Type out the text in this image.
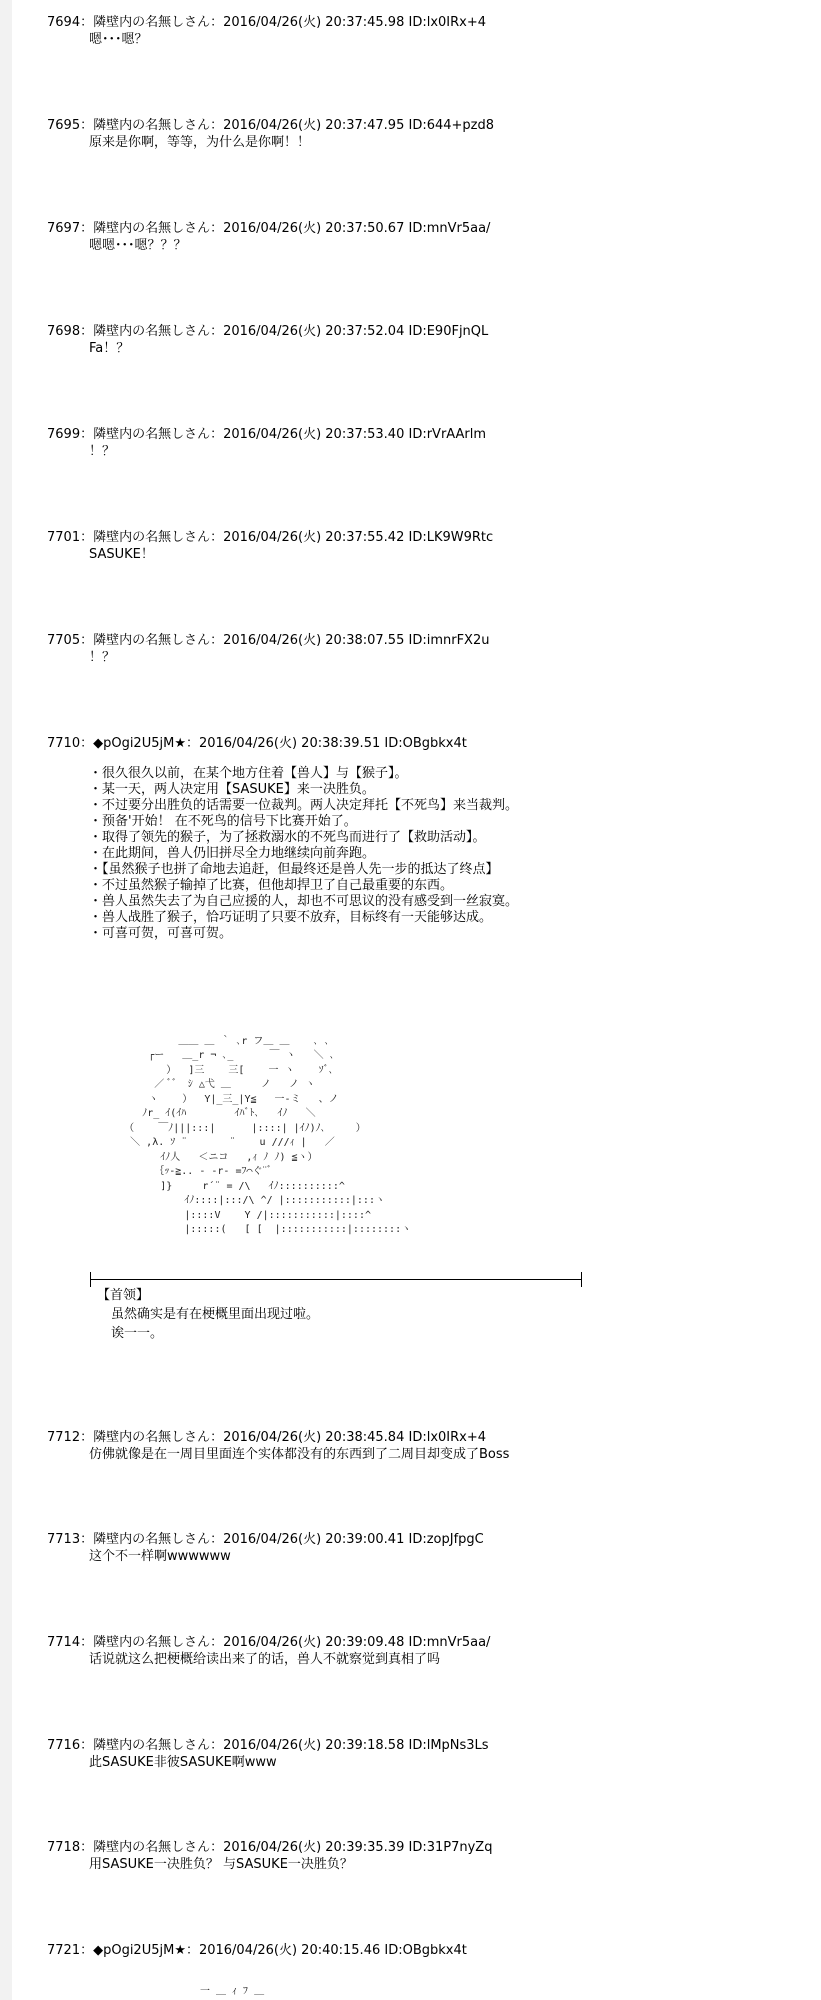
7694：隣壁内の名無しさん：2016/04/26(火) 20:37:45.98 ID:lx0IRx+4
嗯･･･嗯？
7695：隣壁内の名無しさん：2016/04/26(火) 20:37:47.95 ID:644+pzd8
原来是你啊，等等，为什么是你啊！！
7697：隣壁内の名無しさん：2016/04/26(火) 20:37:50.67 ID:mnVr5aa/
嗯嗯･･･嗯？？？
7698：隣壁内の名無しさん：2016/04/26(火) 20:37:52.04 ID:E90FjnQL
Fa！？
7699：隣壁内の名無しさん：2016/04/26(火) 20:37:53.40 ID:rVrAArlm
！？
7701：隣壁内の名無しさん：2016/04/26(火) 20:37:55.42 ID:LK9W9Rtc
SASUKE！
7705：隣壁内の名無しさん：2016/04/26(火) 20:38:07.55 ID:imnrFX2u
！？
7710：◆pOgi2U5jM★：2016/04/26(火) 20:38:39.51 ID:OBgbkx4t
・很久很久以前，在某个地方住着【兽人】与【猴子】。
・某一天，两人决定用【SASUKE】来一决胜负。
・不过要分出胜负的话需要一位裁判。两人决定拜托【不死鸟】来当裁判。
・预备'开始！ 在不死鸟的信号下比赛开始了。
・取得了领先的猴子，为了拯救溺水的不死鸟而进行了【救助活动】。
・在此期间，兽人仍旧拼尽全力地继续向前奔跑。
・【虽然猴子也拼了命地去追赶，但最终还是兽人先一步的抵达了终点】
・不过虽然猴子输掉了比赛，但他却捍卫了自己最重要的东西。
・兽人虽然失去了为自己应援的人，却也不可思议的没有感受到一丝寂寞。
・兽人战胜了猴子，恰巧证明了只要不放弃，目标终有一天能够达成。
・可喜可贺，可喜可贺。

＿＿ ＿ ｀ ､r フ＿ ＿    ､ ､
┌ー   ＿_r ¬ ､_      ￣ ヽ   ＼ ､
）  ]三    三[    一 ヽ    ｿﾞ､
／ ﾞ゛ ｼ △弋 ＿     ノ   ノ ヽ
ヽ    ）  Y|_三_|Y≦   一-ミ   、ノ
ﾉr_ ｲ(ｲﾊ        ｲﾊﾞﾄ､   ｲﾉ   ＼
（    ￣ﾉ|||:::|      |::::| |ｲﾉ)ﾉ､     ）
＼ ,λ. ｿ ¨       ¨    u ///ｨ |   ／
ｲﾉ人   ＜ニコ   ,ｨ ﾉ ﾉ) ≦ヽ）
｛ｯ-≧.. - -r- =ﾌ⌒ぐ¨ﾞ
]}     r´¨ = /\   ｲﾉ::::::::::^
ｲﾉ::::|:::/\ ^/ |:::::::::::|:::ヽ
|::::V    Y /|:::::::::::|::::^
|:::::(   [ [  |:::::::::::|::::::::ヽ

【首领】
虽然确实是有在梗概里面出现过啦。
诶一一。
7712：隣壁内の名無しさん：2016/04/26(火) 20:38:45.84 ID:lx0IRx+4
仿佛就像是在一周目里面连个实体都没有的东西到了二周目却变成了Boss
7713：隣壁内の名無しさん：2016/04/26(火) 20:39:00.41 ID:zopJfpgC
这个不一样啊wwwwww
7714：隣壁内の名無しさん：2016/04/26(火) 20:39:09.48 ID:mnVr5aa/
话说就这么把梗概给读出来了的话，兽人不就察觉到真相了吗
7716：隣壁内の名無しさん：2016/04/26(火) 20:39:18.58 ID:lMpNs3Ls
此SASUKE非彼SASUKE啊www
7718：隣壁内の名無しさん：2016/04/26(火) 20:39:35.39 ID:31P7nyZq
用SASUKE一决胜负？ 与SASUKE一决胜负？
7721：◆pOgi2U5jM★：2016/04/26(火) 20:40:15.46 ID:OBgbkx4t
一 ＿ ｨ ﾌ ＿
